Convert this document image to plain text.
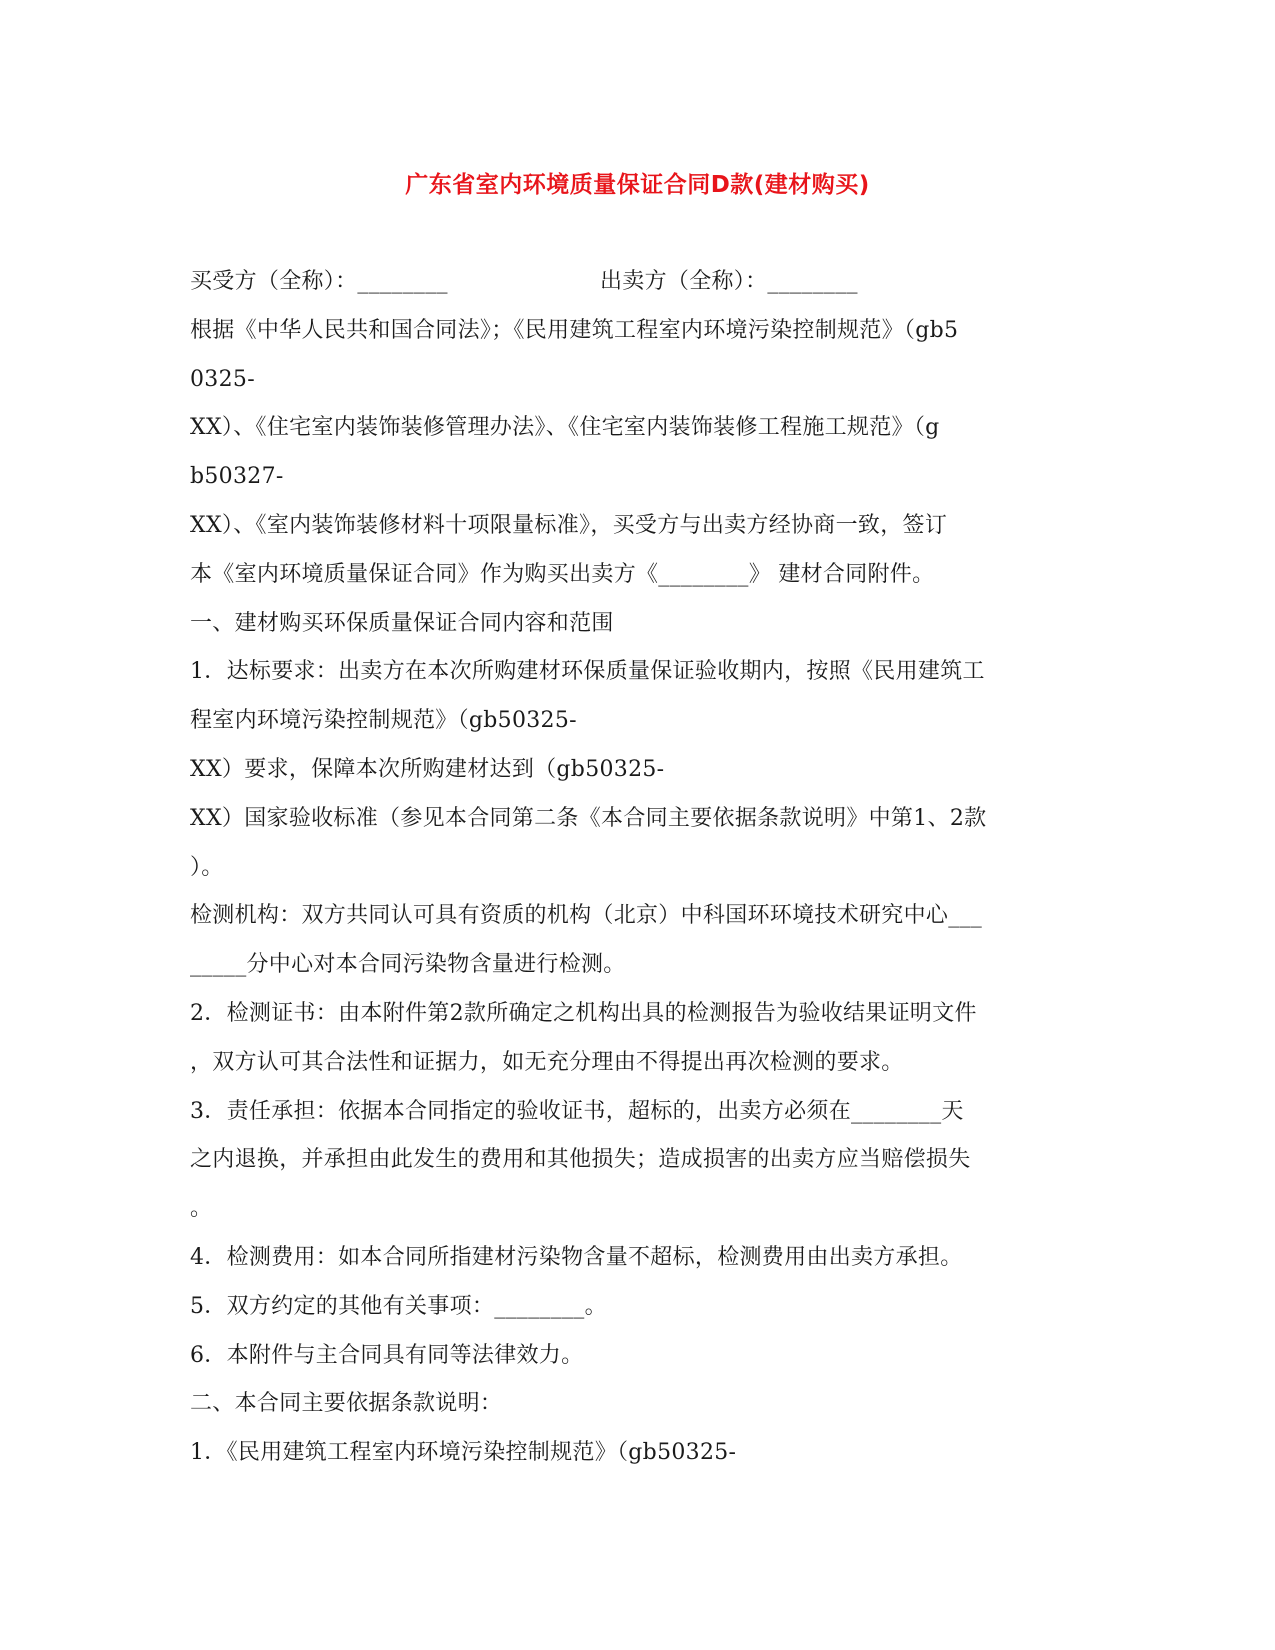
广东省室内环境质量保证合同D款(建材购买)
买受方（全称）：________	出卖方（全称）：________
根据《中华人民共和国合同法》；《民用建筑工程室内环境污染控制规范》（gb5
0325-
XX）、《住宅室内装饰装修管理办法》、《住宅室内装饰装修工程施工规范》（g
b50327-
XX）、《室内装饰装修材料十项限量标准》，买受方与出卖方经协商一致，签订
本《室内环境质量保证合同》作为购买出卖方《________》 建材合同附件。
一、建材购买环保质量保证合同内容和范围
1．达标要求：出卖方在本次所购建材环保质量保证验收期内，按照《民用建筑工
程室内环境污染控制规范》（gb50325-
XX）要求，保障本次所购建材达到（gb50325-
XX）国家验收标准（参见本合同第二条《本合同主要依据条款说明》中第1、2款
）。
检测机构：双方共同认可具有资质的机构（北京）中科国环环境技术研究中心___
_____分中心对本合同污染物含量进行检测。
2．检测证书：由本附件第2款所确定之机构出具的检测报告为验收结果证明文件
，双方认可其合法性和证据力，如无充分理由不得提出再次检测的要求。
3．责任承担：依据本合同指定的验收证书，超标的，出卖方必须在________天
之内退换，并承担由此发生的费用和其他损失；造成损害的出卖方应当赔偿损失
。
4．检测费用：如本合同所指建材污染物含量不超标，检测费用由出卖方承担。
5．双方约定的其他有关事项：________。
6．本附件与主合同具有同等法律效力。
二、本合同主要依据条款说明：
1．《民用建筑工程室内环境污染控制规范》（gb50325-
